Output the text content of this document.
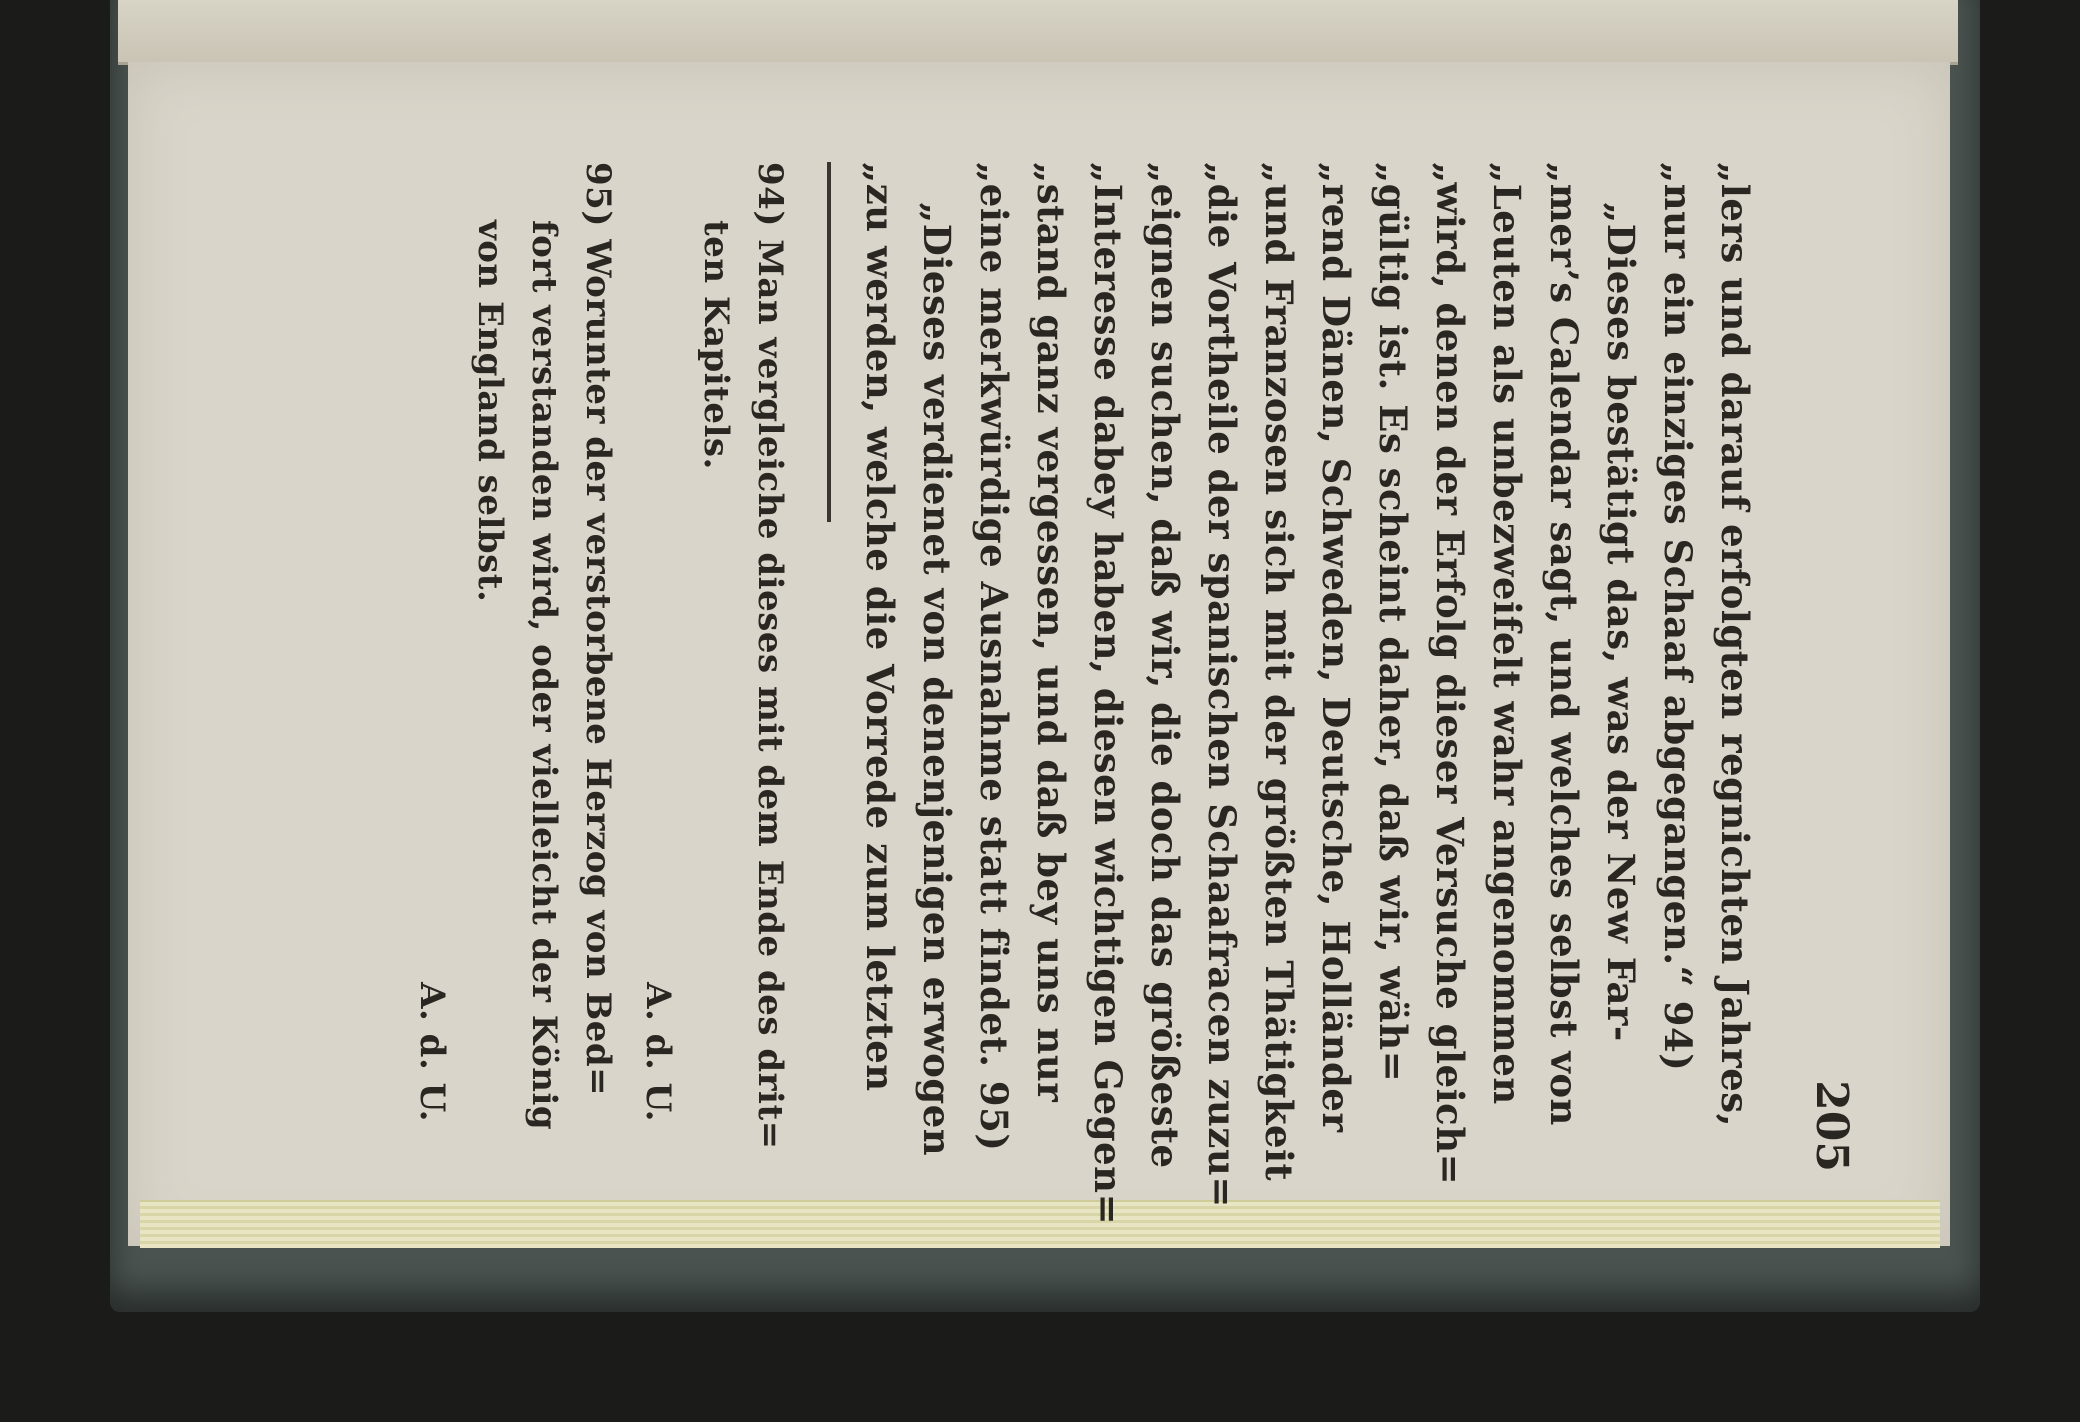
205
„lers und darauf erfolgten regnichten Jahres,
„nur ein einziges Schaaf abgegangen.“ 94)
„Dieses bestätigt das, was der New Far-
„mer’s Calendar sagt, und welches selbst von
„Leuten als unbezweifelt wahr angenommen
„wird, denen der Erfolg dieser Versuche gleich=
„gültig ist. Es scheint daher, daß wir, wäh=
„rend Dänen, Schweden, Deutsche, Holländer
„und Franzosen sich mit der größten Thätigkeit
„die Vortheile der spanischen Schaafracen zuzu=
„eignen suchen, daß wir, die doch das größeste
„Interesse dabey haben, diesen wichtigen Gegen=
„stand ganz vergessen, und daß bey uns nur
„eine merkwürdige Ausnahme statt findet. 95)
„Dieses verdienet von denenjenigen erwogen
„zu werden, welche die Vorrede zum letzten
94) Man vergleiche dieses mit dem Ende des drit=
ten Kapitels.
A. d. U.
95) Worunter der verstorbene Herzog von Bed=
fort verstanden wird, oder vielleicht der König
von England selbst.
A. d. U.
